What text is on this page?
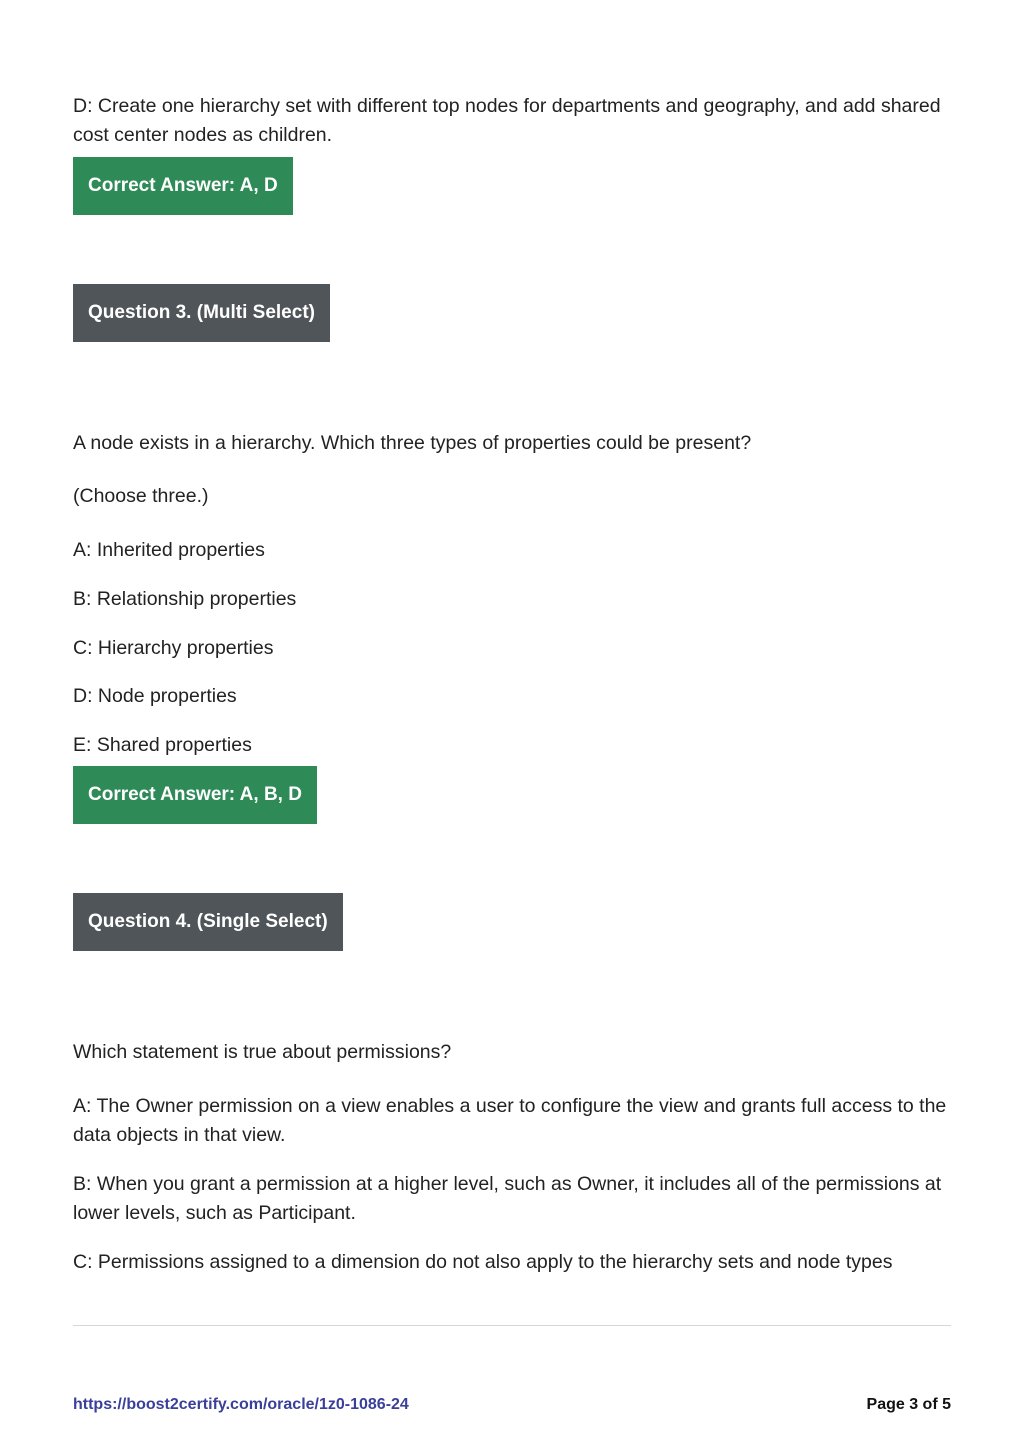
D: Create one hierarchy set with different top nodes for departments and geography, and add shared cost center nodes as children.

Correct Answer: A, D
Question 3. (Multi Select)

A node exists in a hierarchy. Which three types of properties could be present?

(Choose three.)

A: Inherited properties

B: Relationship properties

C: Hierarchy properties

D: Node properties

E: Shared properties

Correct Answer: A, B, D
Question 4. (Single Select)

Which statement is true about permissions?

A: The Owner permission on a view enables a user to configure the view and grants full access to the data objects in that view.

B: When you grant a permission at a higher level, such as Owner, it includes all of the permissions at lower levels, such as Participant.

C: Permissions assigned to a dimension do not also apply to the hierarchy sets and node types

https://boost2certify.com/oracle/1z0-1086-24	Page 3 of 5
